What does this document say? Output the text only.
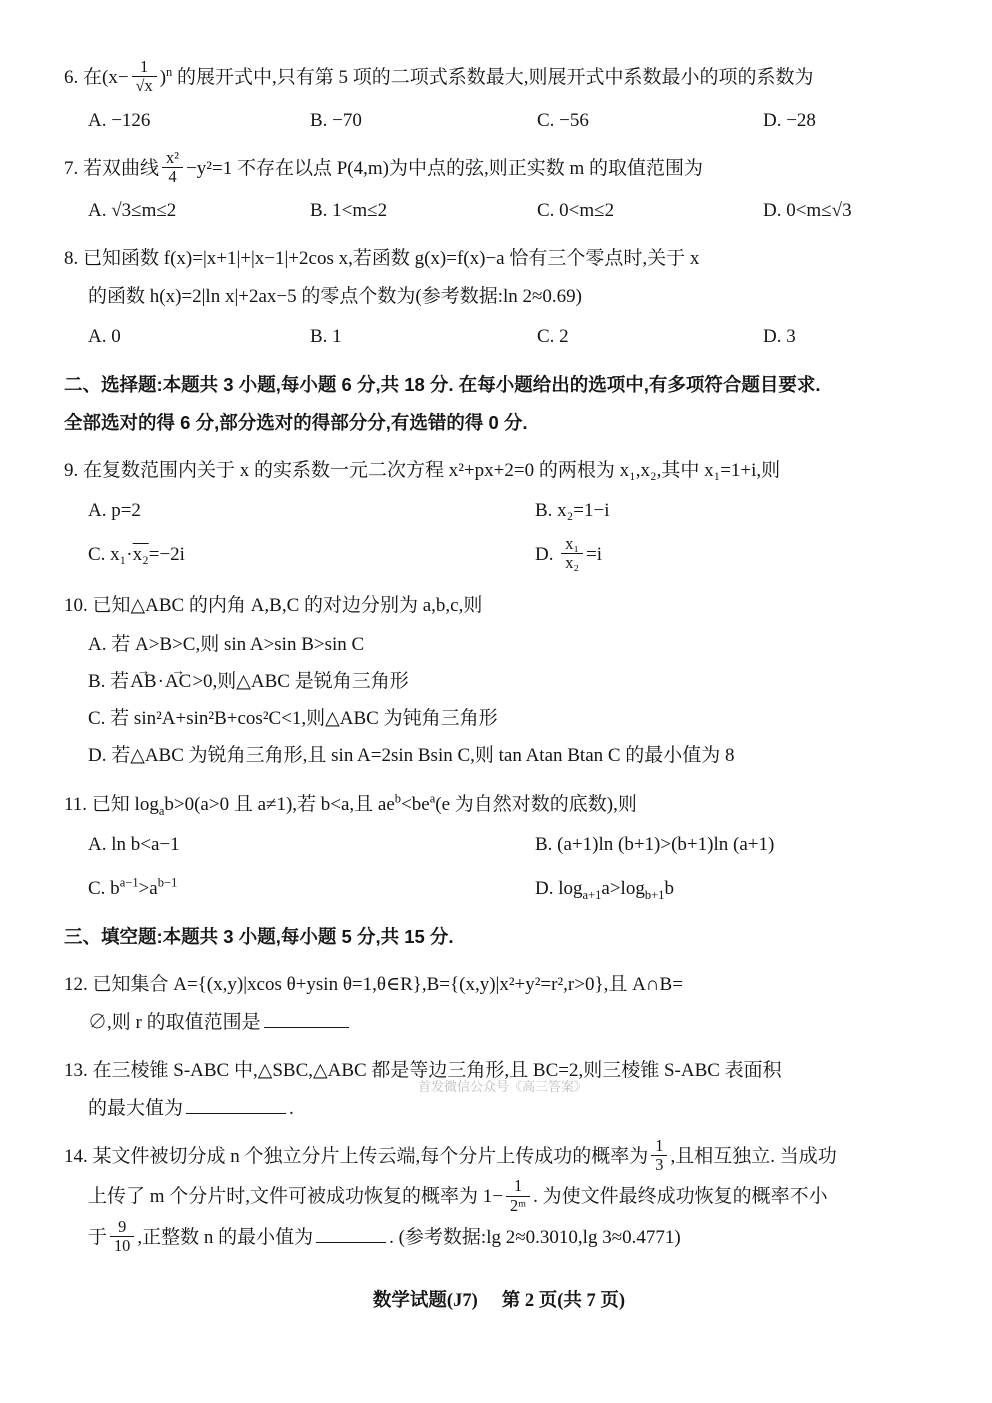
6. 在$(x- \frac{1}{√x} )^n$ 的展开式中,只有第 5 项的二项式系数最大,则展开式中系数最小的项的系数为
A. −126	B. −70	C. −56	D. −28
7. 若双曲线 $\frac{\text{x²}}{4} -y^2=1$ 不存在以点 P(4,m)为中点的弦,则正实数 m 的取值范围为
A. √3≤m≤2	B. 1<m≤2	C. 0<m≤2	D. 0<m≤√3
8. 已知函数 f(x)=|x+1|+|x−1|+2cos x,若函数 g(x)=f(x)−a 恰有三个零点时,关于 x
的函数 h(x)=2|ln x|+2ax−5 的零点个数为(参考数据:ln 2≈0.69)
A. 0	B. 1	C. 2	D. 3
二、选择题:本题共 3 小题,每小题 6 分,共 18 分. 在每小题给出的选项中,有多项符合题目要求.
全部选对的得 6 分,部分选对的得部分分,有选错的得 0 分.
9. 在复数范围内关于 x 的实系数一元二次方程 x²+px+2=0 的两根为 x₁,x₂,其中 x₁=1+i,则
A. p=2	B. x₂=1−i
C. x₁·x₂=−2i	D. $\frac{\text{x₁}}{\text{x₂}} =i$
10. 已知△ABC 的内角 A,B,C 的对边分别为 a,b,c,则
A. 若 A>B>C,则 sin A>sin B>sin C
B. 若AB →·AC →>0,则△ABC 是锐角三角形
C. 若 sin²A+sin²B+cos²C<1,则△ABC 为钝角三角形
D. 若△ABC 为锐角三角形,且 sin A=2sin Bsin C,则 tan Atan Btan C 的最小值为 8
11. 已知 $\log_ab>0(a>0$ 且 a≠1),若 b<a,且 $ae^b<be^a(e$ 为自然对数的底数),则
A. ln b<a−1	B. (a+1)ln (b+1)>(b+1)ln (a+1)
C. $b^{a-1}>a^{b-1}$	D. $\log_{a+1}a>\log_{b+1}b$
三、填空题:本题共 3 小题,每小题 5 分,共 15 分.
12. 已知集合 A={(x,y)|xcos θ+ysin θ=1,θ∈R},B={(x,y)|x²+y²=r²,r>0},且 A∩B=
∅,则 r 的取值范围是
13. 在三棱锥 S-ABC 中,△SBC,△ABC 都是等边三角形,且 BC=2,则三棱锥 S-ABC 表面积
的最大值为	.
14. 某文件被切分成 n 个独立分片上传云端,每个分片上传成功的概率为 $\frac{1}{3}$ ,且相互独立. 当成功
上传了 m 个分片时,文件可被成功恢复的概率为 $1- \frac{1}{\text{2ᵐ}}$ . 为使文件最终成功恢复的概率不小
于 $\frac{9}{10}$ ,正整数 n 的最小值为	. (参考数据:lg 2≈0.3010,lg 3≈0.4771)
首发微信公众号《高三答案》
数学试题(J7) 第 2 页(共 7 页)
